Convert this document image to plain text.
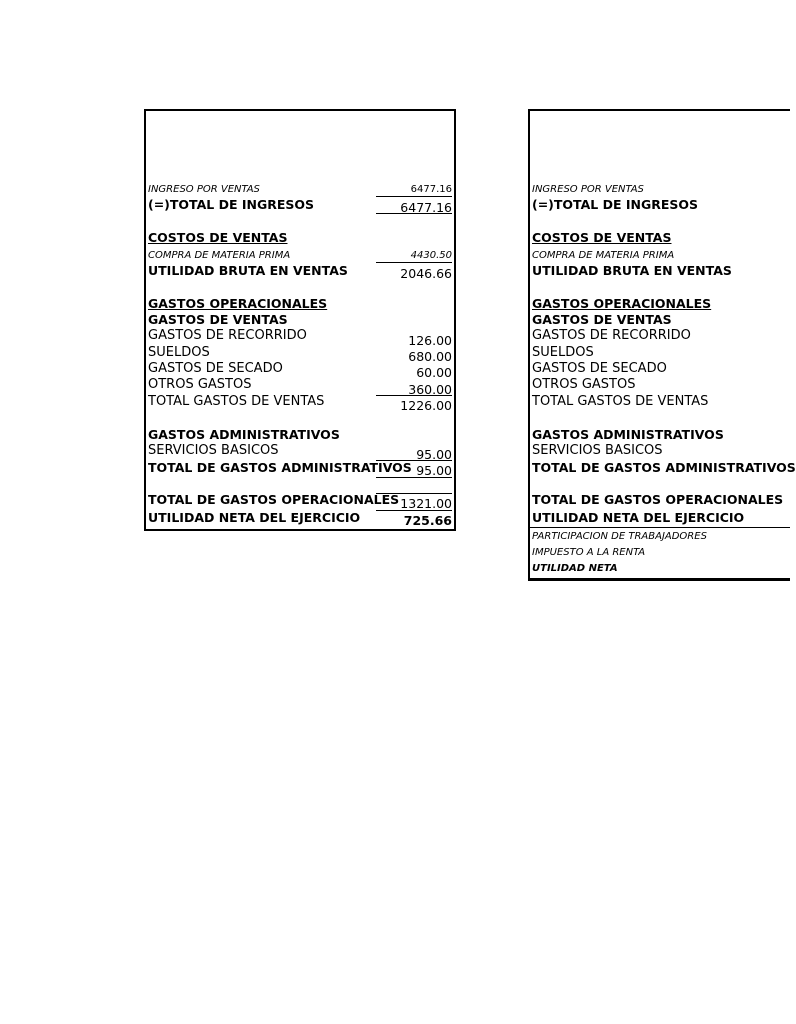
INGRESO POR VENTAS	6477.16
(=)TOTAL DE INGRESOS	6477.16
COSTOS DE VENTAS
COMPRA DE MATERIA PRIMA	4430.50
UTILIDAD BRUTA EN VENTAS	2046.66
GASTOS OPERACIONALES
GASTOS DE VENTAS
GASTOS DE RECORRIDO	126.00
SUELDOS	680.00
GASTOS DE SECADO	60.00
OTROS GASTOS	360.00
TOTAL GASTOS DE VENTAS	1226.00
GASTOS ADMINISTRATIVOS
SERVICIOS BASICOS	95.00
TOTAL DE GASTOS ADMINISTRATIVOS 95.00
TOTAL DE GASTOS OPERACIONALES 1321.00
UTILIDAD NETA DEL EJERCICIO	725.66
INGRESO POR VENTAS
(=)TOTAL DE INGRESOS
COSTOS DE VENTAS
COMPRA DE MATERIA PRIMA
UTILIDAD BRUTA EN VENTAS
GASTOS OPERACIONALES
GASTOS DE VENTAS
GASTOS DE RECORRIDO
SUELDOS
GASTOS DE SECADO
OTROS GASTOS
TOTAL GASTOS DE VENTAS
GASTOS ADMINISTRATIVOS
SERVICIOS BASICOS
TOTAL DE GASTOS ADMINISTRATIVOS
TOTAL DE GASTOS OPERACIONALES
UTILIDAD NETA DEL EJERCICIO
PARTICIPACION DE TRABAJADORES
IMPUESTO A LA RENTA
UTILIDAD NETA
